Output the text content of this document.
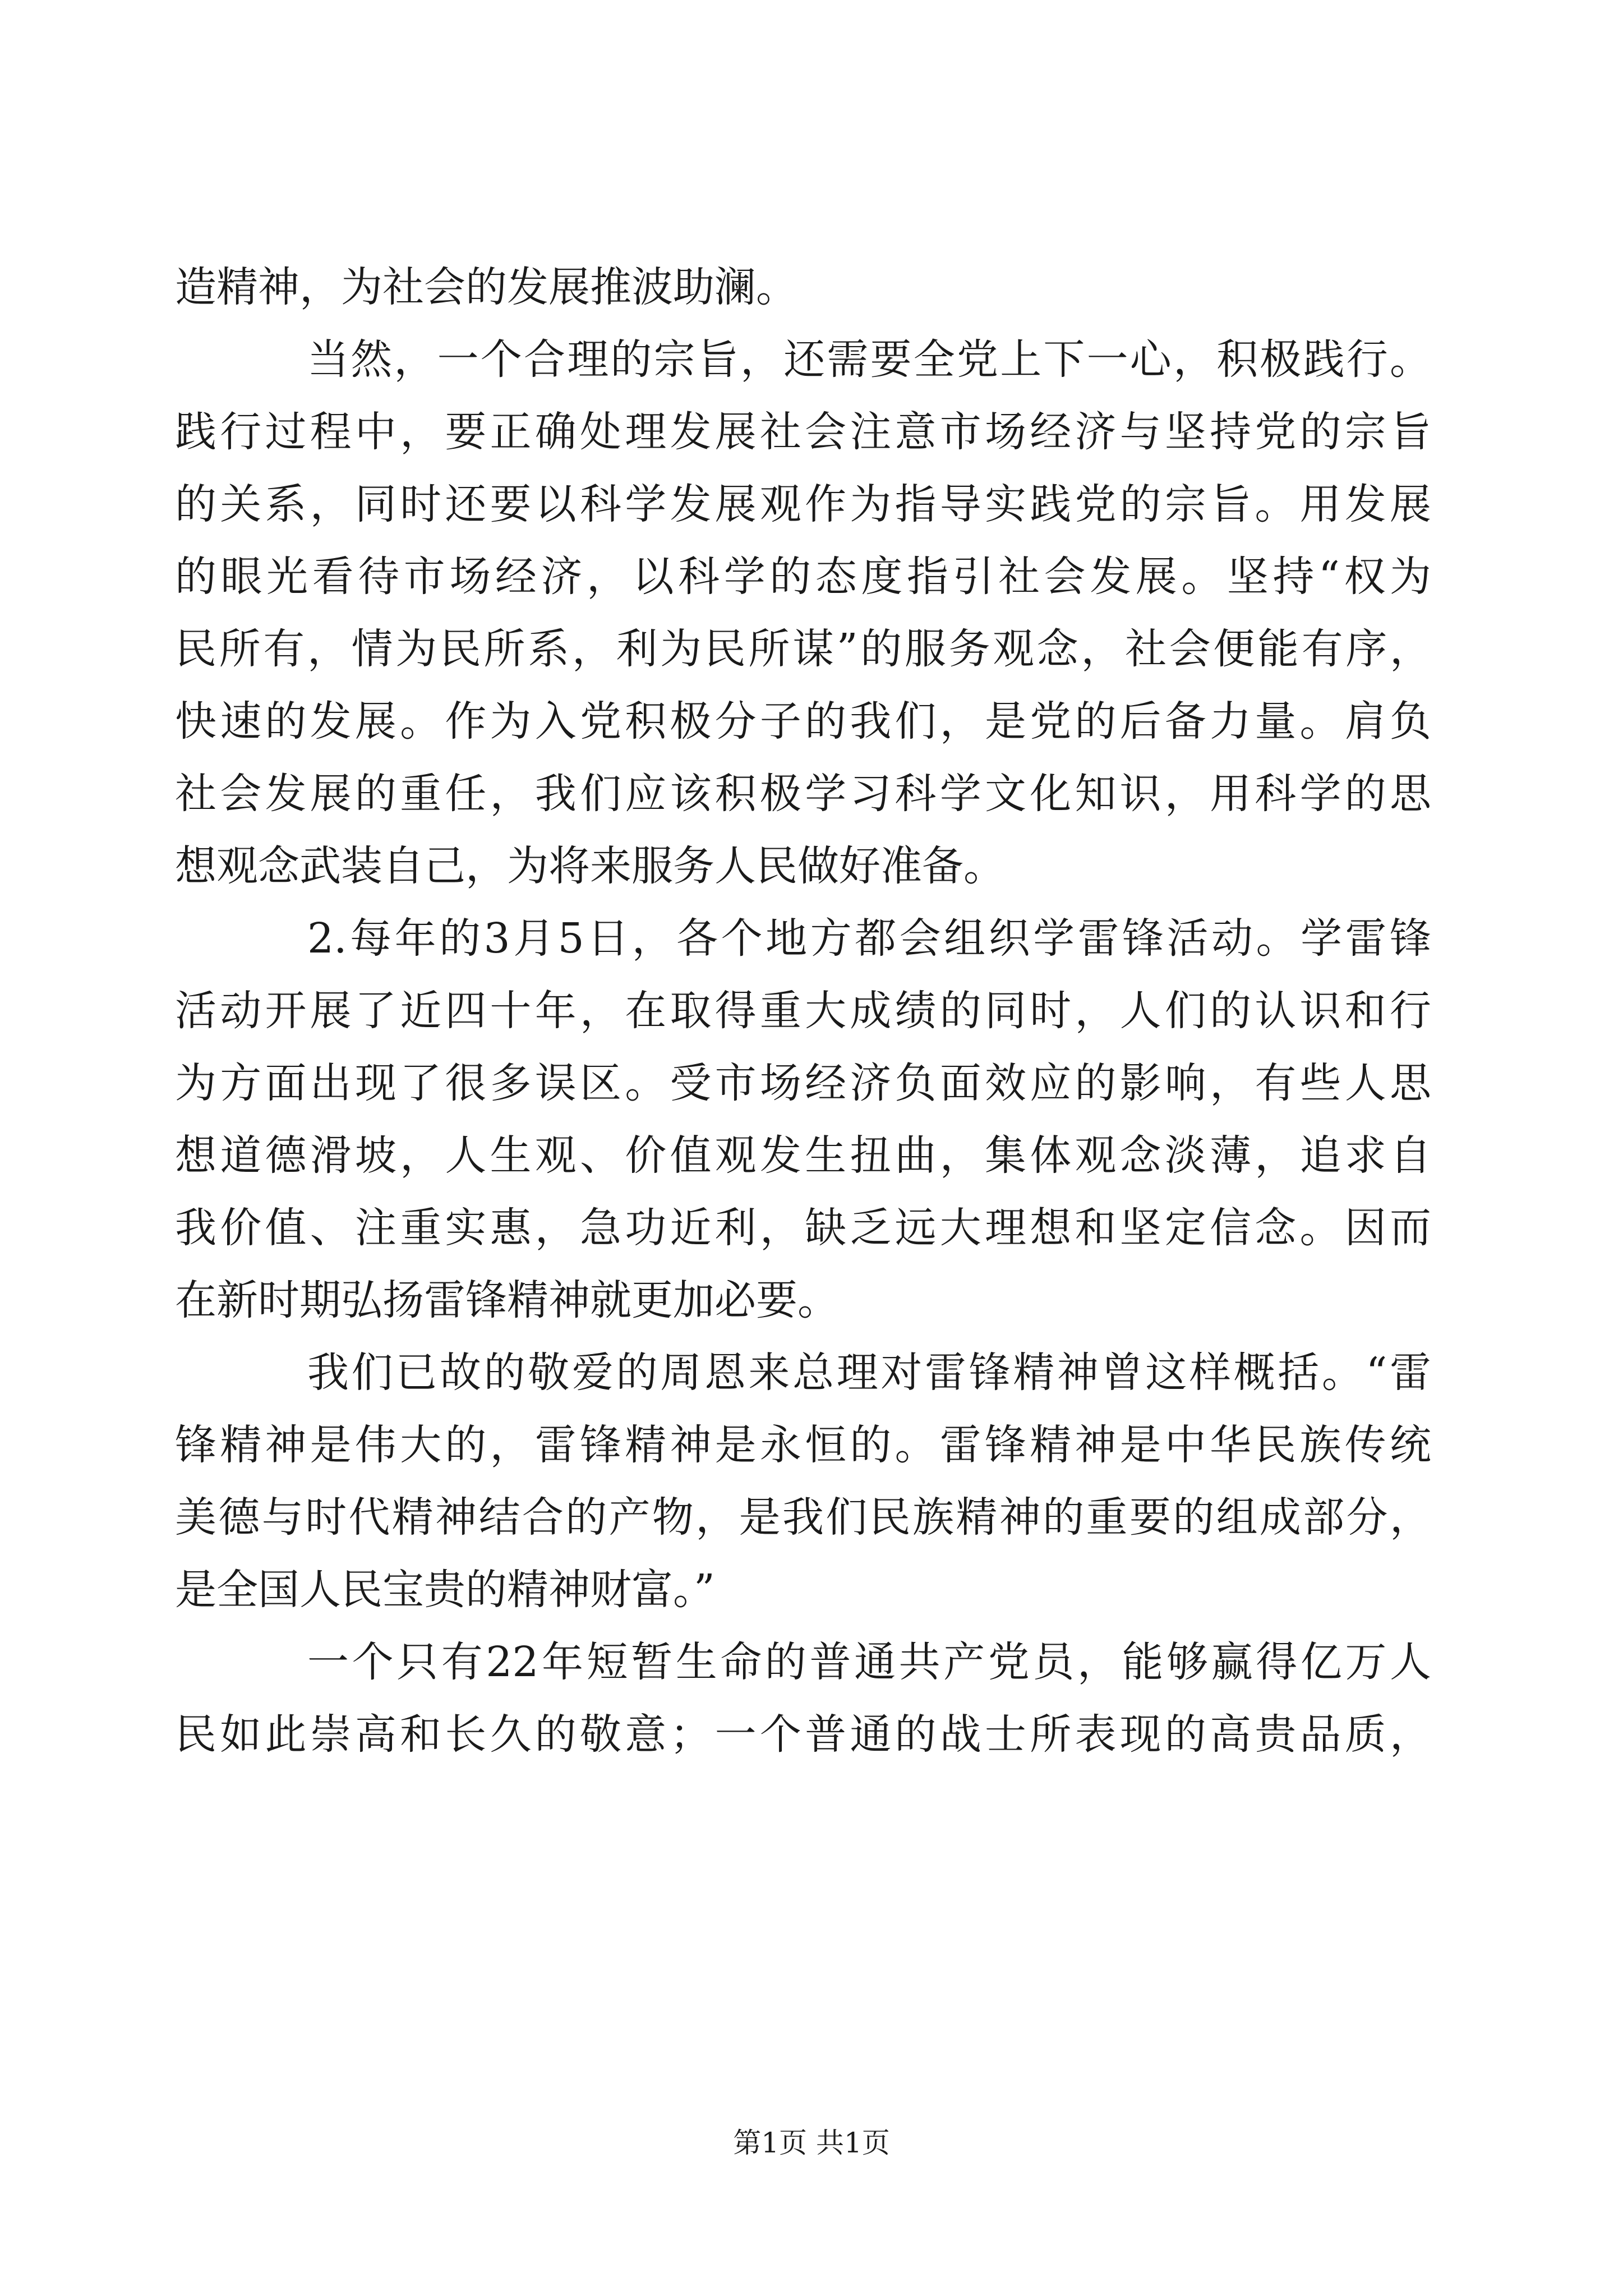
造精神，为社会的发展推波助澜。
当然，一个合理的宗旨，还需要全党上下一心，积极践行。
践行过程中，要正确处理发展社会注意市场经济与坚持党的宗旨
的关系，同时还要以科学发展观作为指导实践党的宗旨。用发展
的眼光看待市场经济，以科学的态度指引社会发展。坚持“权为
民所有，情为民所系，利为民所谋”的服务观念，社会便能有序，
快速的发展。作为入党积极分子的我们，是党的后备力量。肩负
社会发展的重任，我们应该积极学习科学文化知识，用科学的思
想观念武装自己，为将来服务人民做好准备。
2.每年的3月5日，各个地方都会组织学雷锋活动。学雷锋
活动开展了近四十年，在取得重大成绩的同时，人们的认识和行
为方面出现了很多误区。受市场经济负面效应的影响，有些人思
想道德滑坡，人生观、价值观发生扭曲，集体观念淡薄，追求自
我价值、注重实惠，急功近利，缺乏远大理想和坚定信念。因而
在新时期弘扬雷锋精神就更加必要。
我们已故的敬爱的周恩来总理对雷锋精神曾这样概括。“雷
锋精神是伟大的，雷锋精神是永恒的。雷锋精神是中华民族传统
美德与时代精神结合的产物，是我们民族精神的重要的组成部分，
是全国人民宝贵的精神财富。”
一个只有22年短暂生命的普通共产党员，能够赢得亿万人
民如此崇高和长久的敬意；一个普通的战士所表现的高贵品质，
第1页 共1页
